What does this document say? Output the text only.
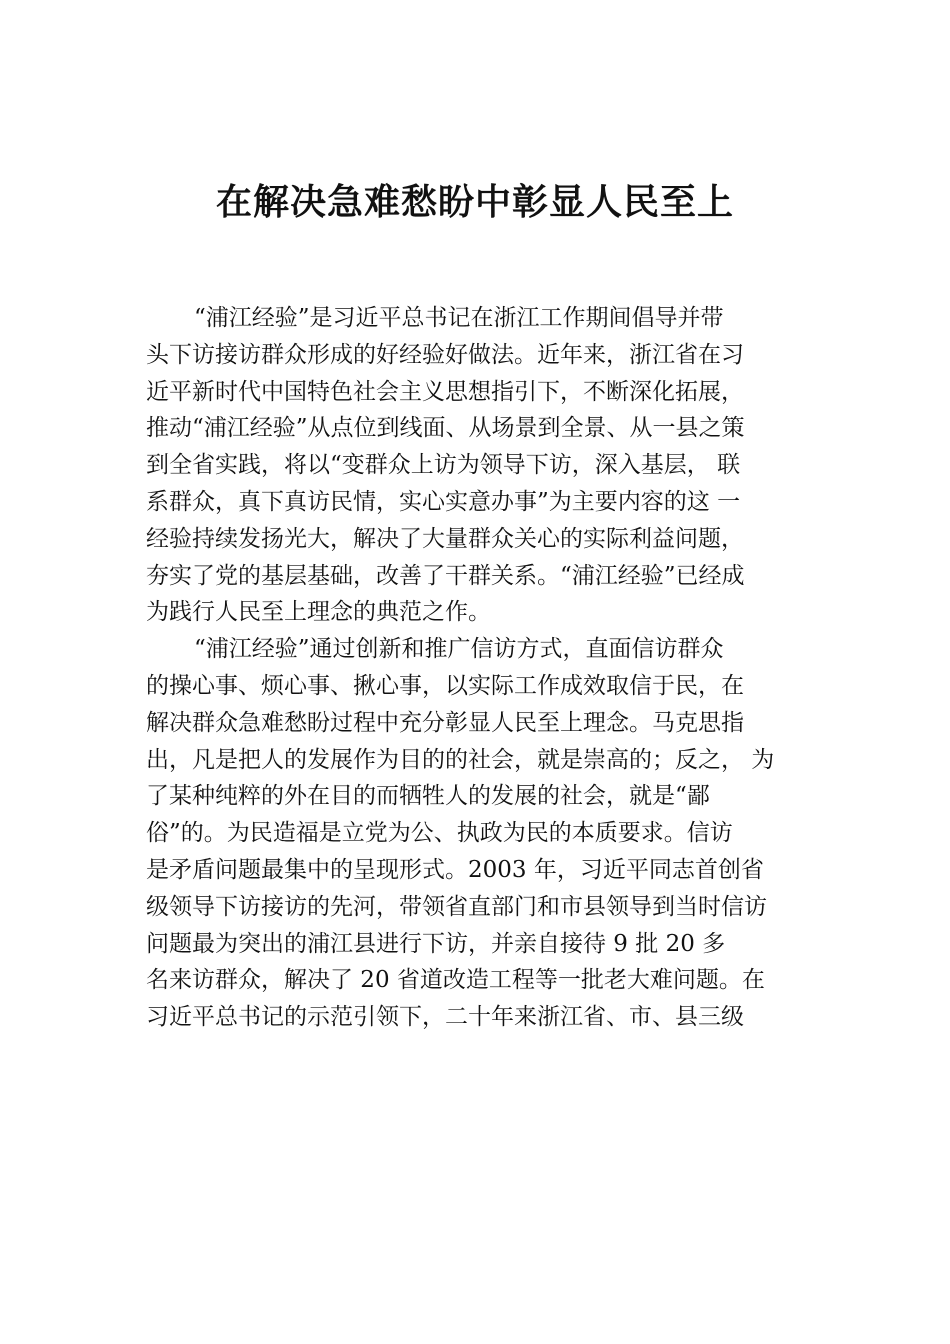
在解决急难愁盼中彰显人民至上
“浦江经验”是习近平总书记在浙江工作期间倡导并带
头下访接访群众形成的好经验好做法。近年来，浙江省在习
近平新时代中国特色社会主义思想指引下，不断深化拓展，
推动“浦江经验”从点位到线面、从场景到全景、从一县之策
到全省实践，将以“变群众上访为领导下访，深入基层， 联
系群众，真下真访民情，实心实意办事”为主要内容的这 一
经验持续发扬光大，解决了大量群众关心的实际利益问题，
夯实了党的基层基础，改善了干群关系。“浦江经验”已经成
为践行人民至上理念的典范之作。
“浦江经验”通过创新和推广信访方式，直面信访群众
的操心事、烦心事、揪心事，以实际工作成效取信于民，在
解决群众急难愁盼过程中充分彰显人民至上理念。马克思指
出，凡是把人的发展作为目的的社会，就是崇高的；反之， 为
了某种纯粹的外在目的而牺牲人的发展的社会，就是“鄙
俗”的。为民造福是立党为公、执政为民的本质要求。信访
是矛盾问题最集中的呈现形式。2003 年，习近平同志首创省
级领导下访接访的先河，带领省直部门和市县领导到当时信访
问题最为突出的浦江县进行下访，并亲自接待 9 批 20 多
名来访群众，解决了 20 省道改造工程等一批老大难问题。在
习近平总书记的示范引领下，二十年来浙江省、市、县三级
